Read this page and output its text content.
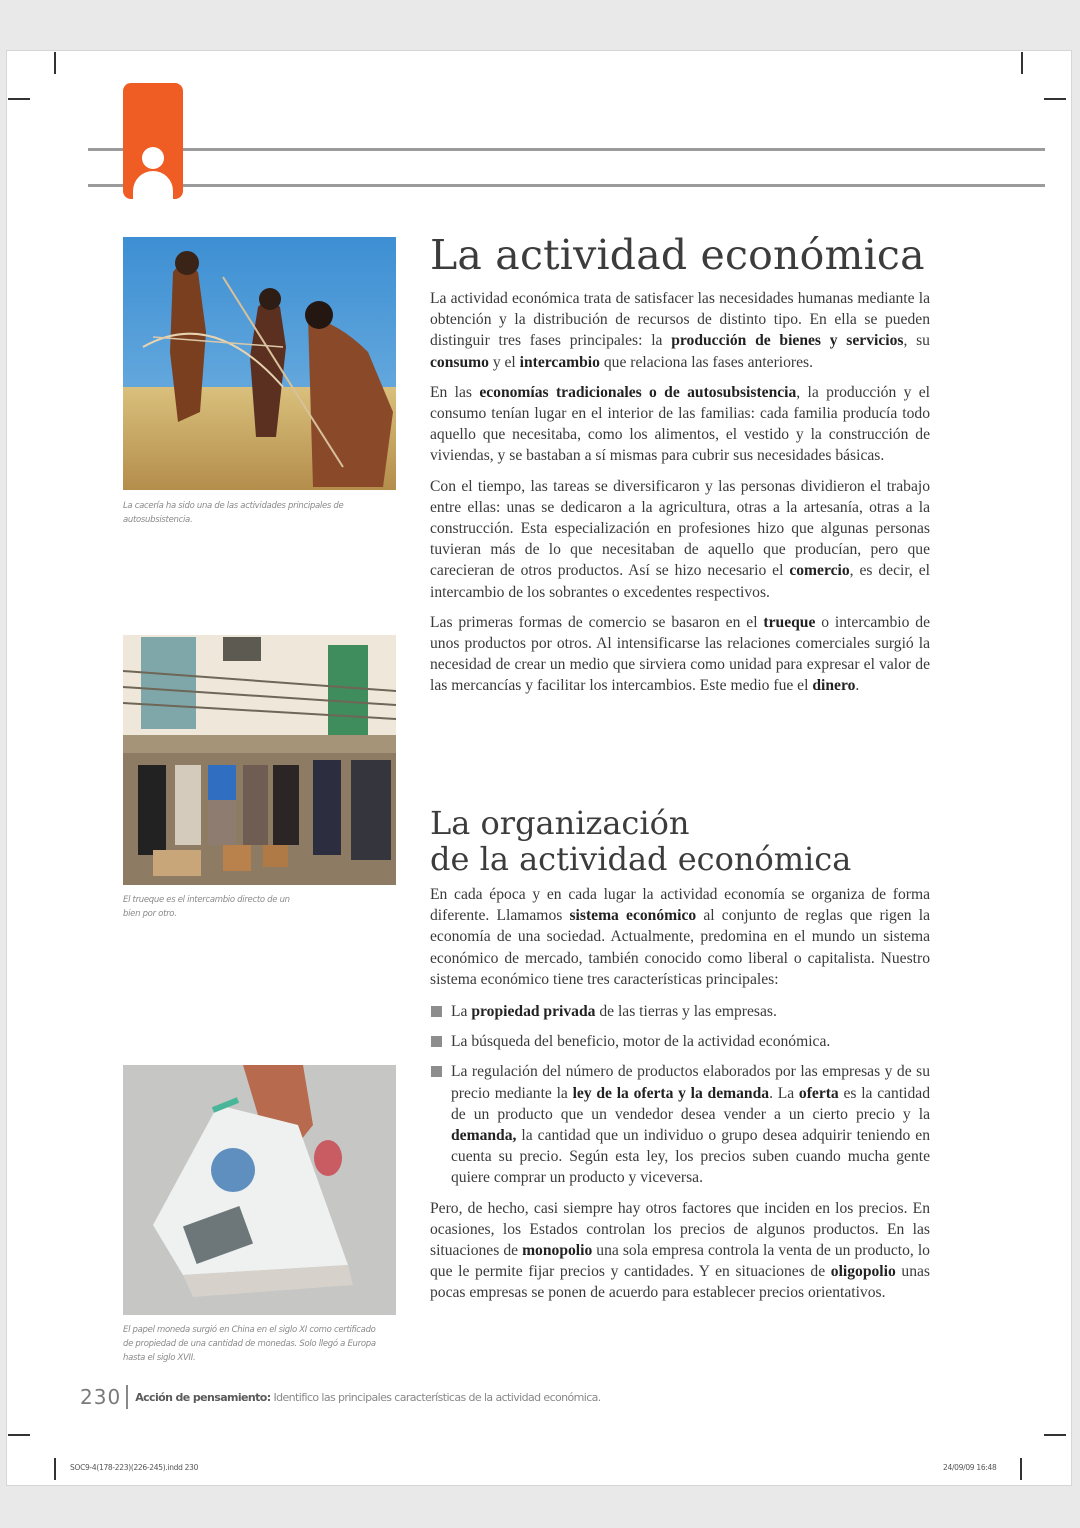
La cacería ha sido una de las actividades principales de autosubsistencia.
El trueque es el intercambio directo de un bien por otro.
El papel moneda surgió en China en el siglo XI como certificado de propiedad de una cantidad de monedas. Solo llegó a Europa hasta el siglo XVII.
La actividad económica

La actividad económica trata de satisfacer las necesidades humanas mediante la obtención y la distribución de recursos de distinto tipo. En ella se pueden distinguir tres fases principales: la producción de bienes y servicios, su consumo y el intercambio que relaciona las fases anteriores.

En las economías tradicionales o de autosubsistencia, la producción y el consumo tenían lugar en el interior de las familias: cada familia producía todo aquello que necesitaba, como los alimentos, el vestido y la construcción de viviendas, y se bastaban a sí mismas para cubrir sus necesidades básicas.

Con el tiempo, las tareas se diversificaron y las personas dividieron el trabajo entre ellas: unas se dedicaron a la agricultura, otras a la artesanía, otras a la construcción. Esta especialización en profesiones hizo que algunas personas tuvieran más de lo que necesitaban de aquello que producían, pero que carecieran de otros productos. Así se hizo necesario el comercio, es decir, el intercambio de los sobrantes o excedentes respectivos.

Las primeras formas de comercio se basaron en el trueque o intercambio de unos productos por otros. Al intensificarse las relaciones comerciales surgió la necesidad de crear un medio que sirviera como unidad para expresar el valor de las mercancías y facilitar los intercambios. Este medio fue el dinero.

La organización
de la actividad económica

En cada época y en cada lugar la actividad economía se organiza de forma diferente. Llamamos sistema económico al conjunto de reglas que rigen la economía de una sociedad. Actualmente, predomina en el mundo un sistema económico de mercado, también conocido como liberal o capitalista. Nuestro sistema económico tiene tres características principales:

La propiedad privada de las tierras y las empresas.
La búsqueda del beneficio, motor de la actividad económica.
La regulación del número de productos elaborados por las empresas y de su precio mediante la ley de la oferta y la demanda. La oferta es la cantidad de un producto que un vendedor desea vender a un cierto precio y la demanda, la cantidad que un individuo o grupo desea adquirir teniendo en cuenta su precio. Según esta ley, los precios suben cuando mucha gente quiere comprar un producto y viceversa.

Pero, de hecho, casi siempre hay otros factores que inciden en los precios. En ocasiones, los Estados controlan los precios de algunos productos. En las situaciones de monopolio una sola empresa controla la venta de un producto, lo que le permite fijar precios y cantidades. Y en situaciones de oligopolio unas pocas empresas se ponen de acuerdo para establecer precios orientativos.

230 Acción de pensamiento: Identifico las principales características de la actividad económica.
SOC9-4(178-223)(226-245).indd 230	24/09/09 16:48
